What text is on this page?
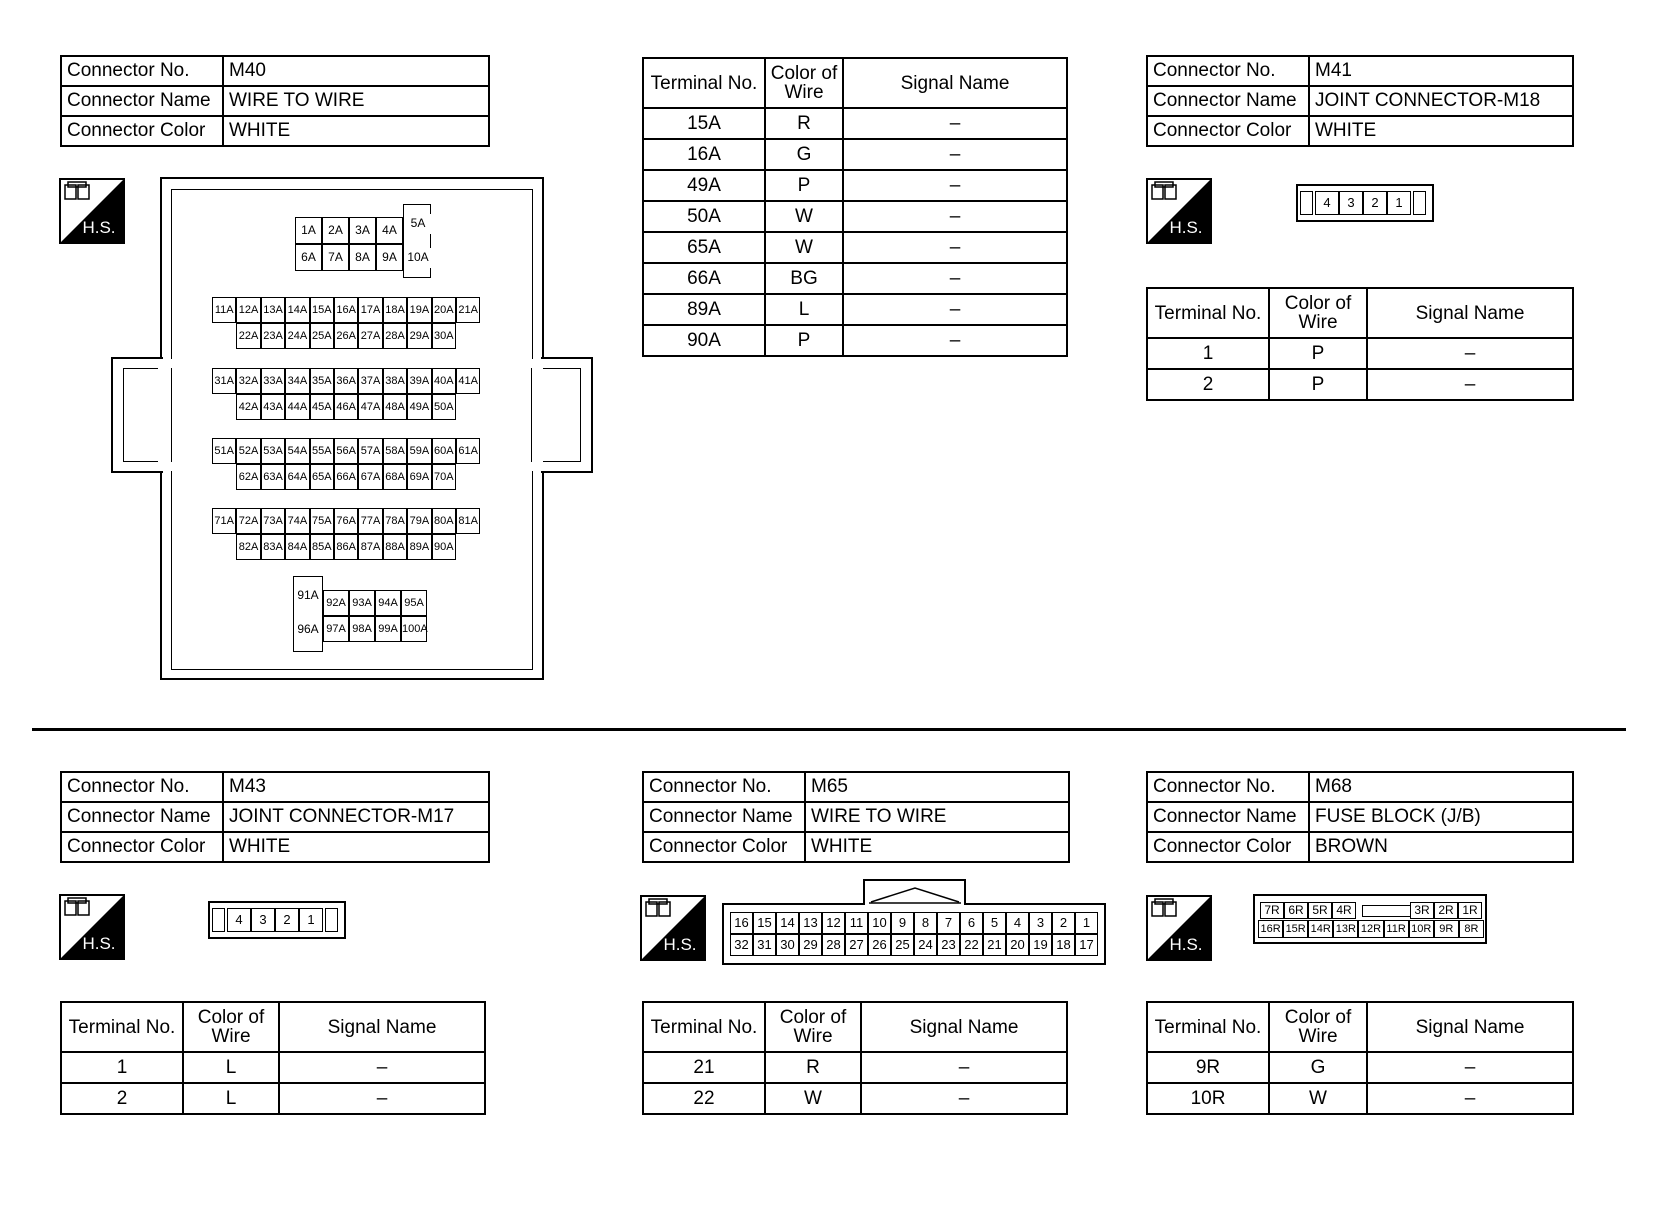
Connector No.	M40
Connector Name	WIRE TO WIRE
Connector Color	WHITE
H.S.	1A	2A	3A	4A
6A	7A	8A	9A
5A
10A
11A 12A 13A 14A 15A 16A 17A 18A 19A 20A 21A
31A 32A 33A 34A 35A 36A 37A 38A 39A 40A 41A
51A 52A 53A 54A 55A 56A 57A 58A 59A 60A 61A
71A 72A 73A 74A 75A 76A 77A 78A 79A 80A 81A
22A 23A 24A 25A 26A 27A 28A 29A 30A
42A 43A 44A 45A 46A 47A 48A 49A 50A
62A 63A 64A 65A 66A 67A 68A 69A 70A
82A 83A 84A 85A 86A 87A 88A 89A 90A
91A
96A
92A 93A 94A 95A
97A 98A 99A 100A
Terminal No.	Color of Wire	Signal Name
15A	R	–
16A	G	–
49A	P	–
50A	W	–
65A	W	–
66A	BG	–
89A	L	–
90A	P	–
Connector No.	M41
Connector Name	JOINT CONNECTOR-M18
Connector Color	WHITE
H.S.
4	3	2	1
Terminal No.	Color of Wire	Signal Name
1	P	–
2	P	–
Connector No.	M43
Connector Name	JOINT CONNECTOR-M17
Connector Color	WHITE
H.S.
4	3	2	1
Terminal No.	Color of Wire	Signal Name
1	L	–
2	L	–
Connector No.	M65
Connector Name	WIRE TO WIRE
Connector Color	WHITE
H.S.
16 15 14 13 12 11 10 9	8	7	6	5	4	3	2	1
32 31 30 29 28 27 26 25 24 23 22 21 20 19 18 17
Terminal No.	Color of Wire	Signal Name
21	R	–
22	W	–
Connector No.	M68
Connector Name	FUSE BLOCK (J/B)
Connector Color	BROWN
H.S.
7R 6R 5R 4R	3R 2R 1R
16R 15R 14R 13R 12R 11R 10R 9R	8R
Terminal No.	Color of Wire	Signal Name
9R	G	–
10R	W	–
